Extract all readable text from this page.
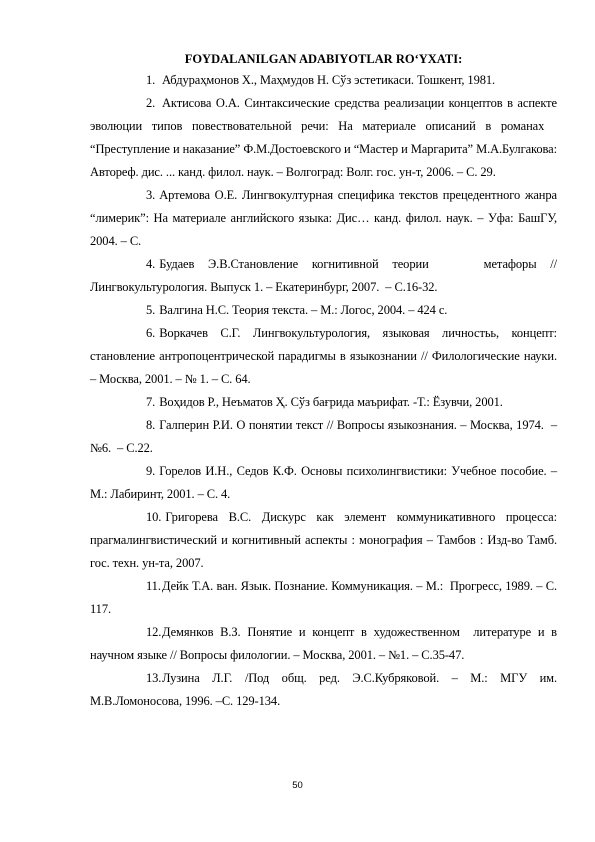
FOYDALANILGAN ADABIYOTLAR RO‘YXATI:

1. Абдураҳмонов Х., Маҳмудов Н. Сўз эстетикаси. Тошкент, 1981.

2. Актисова О.А. Синтаксические средства реализации концептов в аспекте эволюции типов повествовательной речи: На материале описаний в романах   “Преступление и наказание” Ф.М.Достоевского и “Мастер и Маргарита” М.А.Булгакова: Автореф. дис. ... канд. филол. наук. – Волгоград: Волг. гос. ун-т, 2006. – С. 29.

3. Артемова О.Е. Лингвокултурная специфика текстов прецедентного жанра “лимерик”: На материале английского языка: Дис… канд. филол. наук. – Уфа: БашГУ, 2004. – С.

4. Будаев Э.В.Становление когнитивной теории    метафоры // Лингвокультурология. Выпуск 1. – Екатеринбург, 2007.  – С.16-32.

5. Валгина Н.С. Теория текста. – М.: Логос, 2004. – 424 с.

6. Воркачев С.Г. Лингвокультурология, языковая личностьь, концепт: становление антропоцентрической парадигмы в языкознании // Филологические науки. – Москва, 2001. – № 1. – С. 64.

7. Воҳидов Р., Неъматов Ҳ. Сўз бағрида маърифат. -Т.: Ёзувчи, 2001.

8. Галперин Р.И. О понятии текст // Вопросы языкознания. – Москва, 1974.  – №6.  – С.22.

9. Горелов И.Н., Седов К.Ф. Основы психолингвистики: Учебное пособие. – М.: Лабиринт, 2001. – С. 4.

10. Григорева В.С. Дискурс как элемент коммуникативного процесса: прагмалингвистический и когнитивный аспекты : монография – Тамбов : Изд-во Тамб. гос. техн. ун-та, 2007.

11.Дейк Т.А. ван. Язык. Познание. Коммуникация. – М.:  Прогресс, 1989. – С. 117.

12.Демянков В.З. Понятие и концепт в художественном  литературе и в научном языке // Вопросы филологии. – Москва, 2001. – №1. – С.35-47.

13.Лузина Л.Г. /Под общ. ред. Э.С.Кубряковой. – М.: МГУ им. М.В.Ломоносова, 1996. –С. 129-134.

50
